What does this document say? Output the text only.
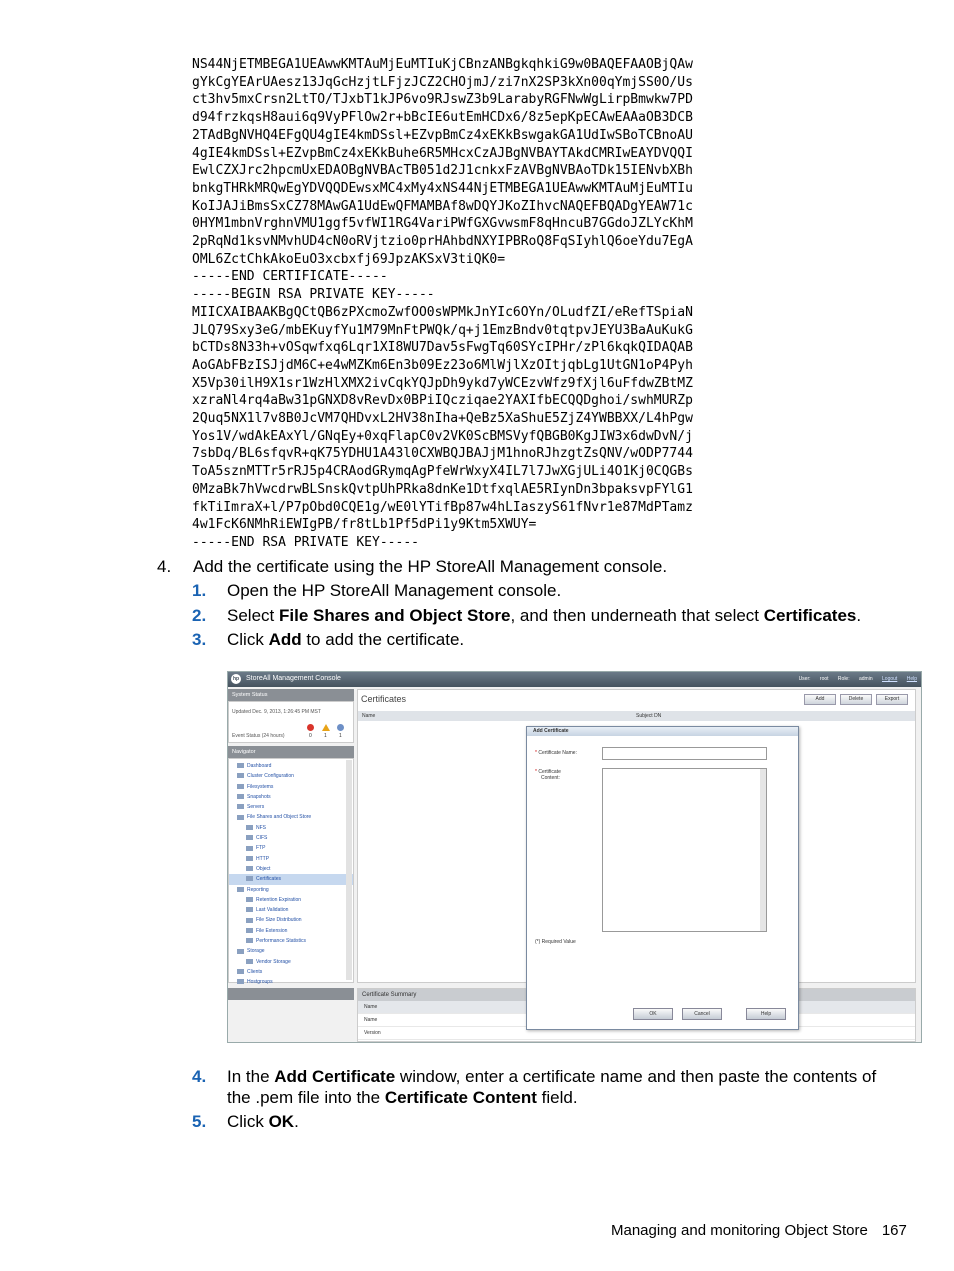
NS44NjETMBEGA1UEAwwKMTAuMjEuMTIuKjCBnzANBgkqhkiG9w0BAQEFAAOBjQAw
gYkCgYEArUAesz13JqGcHzjtLFjzJCZ2CHOjmJ/zi7nX2SP3kXn00qYmjSS0O/Us
ct3hv5mxCrsn2LtTO/TJxbT1kJP6vo9RJswZ3b9LarabyRGFNwWgLirpBmwkw7PD
d94frzkqsH8aui6q9VyPFlOw2r+bBcIE6utEmHCDx6/8z5epKpECAwEAAaOB3DCB
2TAdBgNVHQ4EFgQU4gIE4kmDSsl+EZvpBmCz4xEKkBswgakGA1UdIwSBoTCBnoAU
4gIE4kmDSsl+EZvpBmCz4xEKkBuhe6R5MHcxCzAJBgNVBAYTAkdCMRIwEAYDVQQI
EwlCZXJrc2hpcmUxEDAOBgNVBAcTB051d2J1cnkxFzAVBgNVBAoTDk15IENvbXBh
bnkgTHRkMRQwEgYDVQQDEwsxMC4xMy4xNS44NjETMBEGA1UEAwwKMTAuMjEuMTIu
KoIJAJiBmsSxCZ78MAwGA1UdEwQFMAMBAf8wDQYJKoZIhvcNAQEFBQADgYEAW71c
0HYM1mbnVrghnVMU1ggf5vfWI1RG4VariPWfGXGvwsmF8qHncuB7GGdoJZLYcKhM
2pRqNd1ksvNMvhUD4cN0oRVjtzio0prHAhbdNXYIPBRoQ8FqSIyhlQ6oeYdu7EgA
OML6ZctChkAkoEuO3xcbxfj69JpzAKSxV3tiQK0=
-----END CERTIFICATE-----
-----BEGIN RSA PRIVATE KEY-----
MIICXAIBAAKBgQCtQB6zPXcmoZwfOO0sWPMkJnYIc6OYn/OLudfZI/eRefTSpiaN
JLQ79Sxy3eG/mbEKuyfYu1M79MnFtPWQk/q+j1EmzBndv0tqtpvJEYU3BaAuKukG
bCTDs8N33h+vOSqwfxq6Lqr1XI8WU7Dav5sFwgTq60SYcIPHr/zPl6kqkQIDAQAB
AoGAbFBzISJjdM6C+e4wMZKm6En3b09Ez23o6MlWjlXzOItjqbLg1UtGN1oP4Pyh
X5Vp30ilH9X1sr1WzHlXMX2ivCqkYQJpDh9ykd7yWCEzvWfz9fXjl6uFfdwZBtMZ
xzraNl4rq4aBw31pGNXD8vRevDx0BPiIQcziqae2YAXIfbECQQDghoi/swhMURZp
2Quq5NX1l7v8B0JcVM7QHDvxL2HV38nIha+QeBz5XaShuE5ZjZ4YWBBXX/L4hPgw
Yos1V/wdAkEAxYl/GNqEy+0xqFlapC0v2VK0ScBMSVyfQBGB0KgJIW3x6dwDvN/j
7sbDq/BL6sfqvR+qK75YDHU1A43l0CXWBQJBAJjM1hnoRJhzgtZsQNV/wODP7744
ToA5sznMTTr5rRJ5p4CRAodGRymqAgPfeWrWxyX4IL7l7JwXGjULi4O1Kj0CQGBs
0MzaBk7hVwcdrwBLSnskQvtpUhPRka8dnKe1DtfxqlAE5RIynDn3bpaksvpFYlG1
fkTiImraX+l/P7pObd0CQE1g/wE0lYTifBp87w4hLIaszyS61fNvr1e87MdPTamz
4w1FcK6NMhRiEWIgPB/fr8tLb1Pf5dPi1y9Ktm5XWUY=
-----END RSA PRIVATE KEY-----
4. Add the certificate using the HP StoreAll Management console.
1. Open the HP StoreAll Management console.
2. Select File Shares and Object Store, and then underneath that select Certificates.
3. Click Add to add the certificate.
hp StoreAll Management Console	User: root Role: admin Logout Help
System Status
Updated Dec. 9, 2013, 1:26:45 PM MST
Event Status (24 hours)	0 1 1
Navigator
Dashboard
Cluster Configuration
Filesystems
Snapshots
Servers
File Shares and Object Store
NFS
CIFS
FTP
HTTP
Object
Certificates
Reporting
Retention Expiration
Last Validation
File Size Distribution
File Extension
Performance Statistics
Storage
Vendor Storage
Clients
Hostgroups
Certificates	Add	Delete	Export
Name	Subject DN
Certificate Summary
Name
Name
Version
Add Certificate
* Certificate Name:
* Certificate
Content:
(*) Required Value
OK	Cancel	Help
4.	In the Add Certificate window, enter a certificate name and then paste the contents of the .pem file into the Certificate Content field.
5.	Click OK.
Managing and monitoring Object Store 167
